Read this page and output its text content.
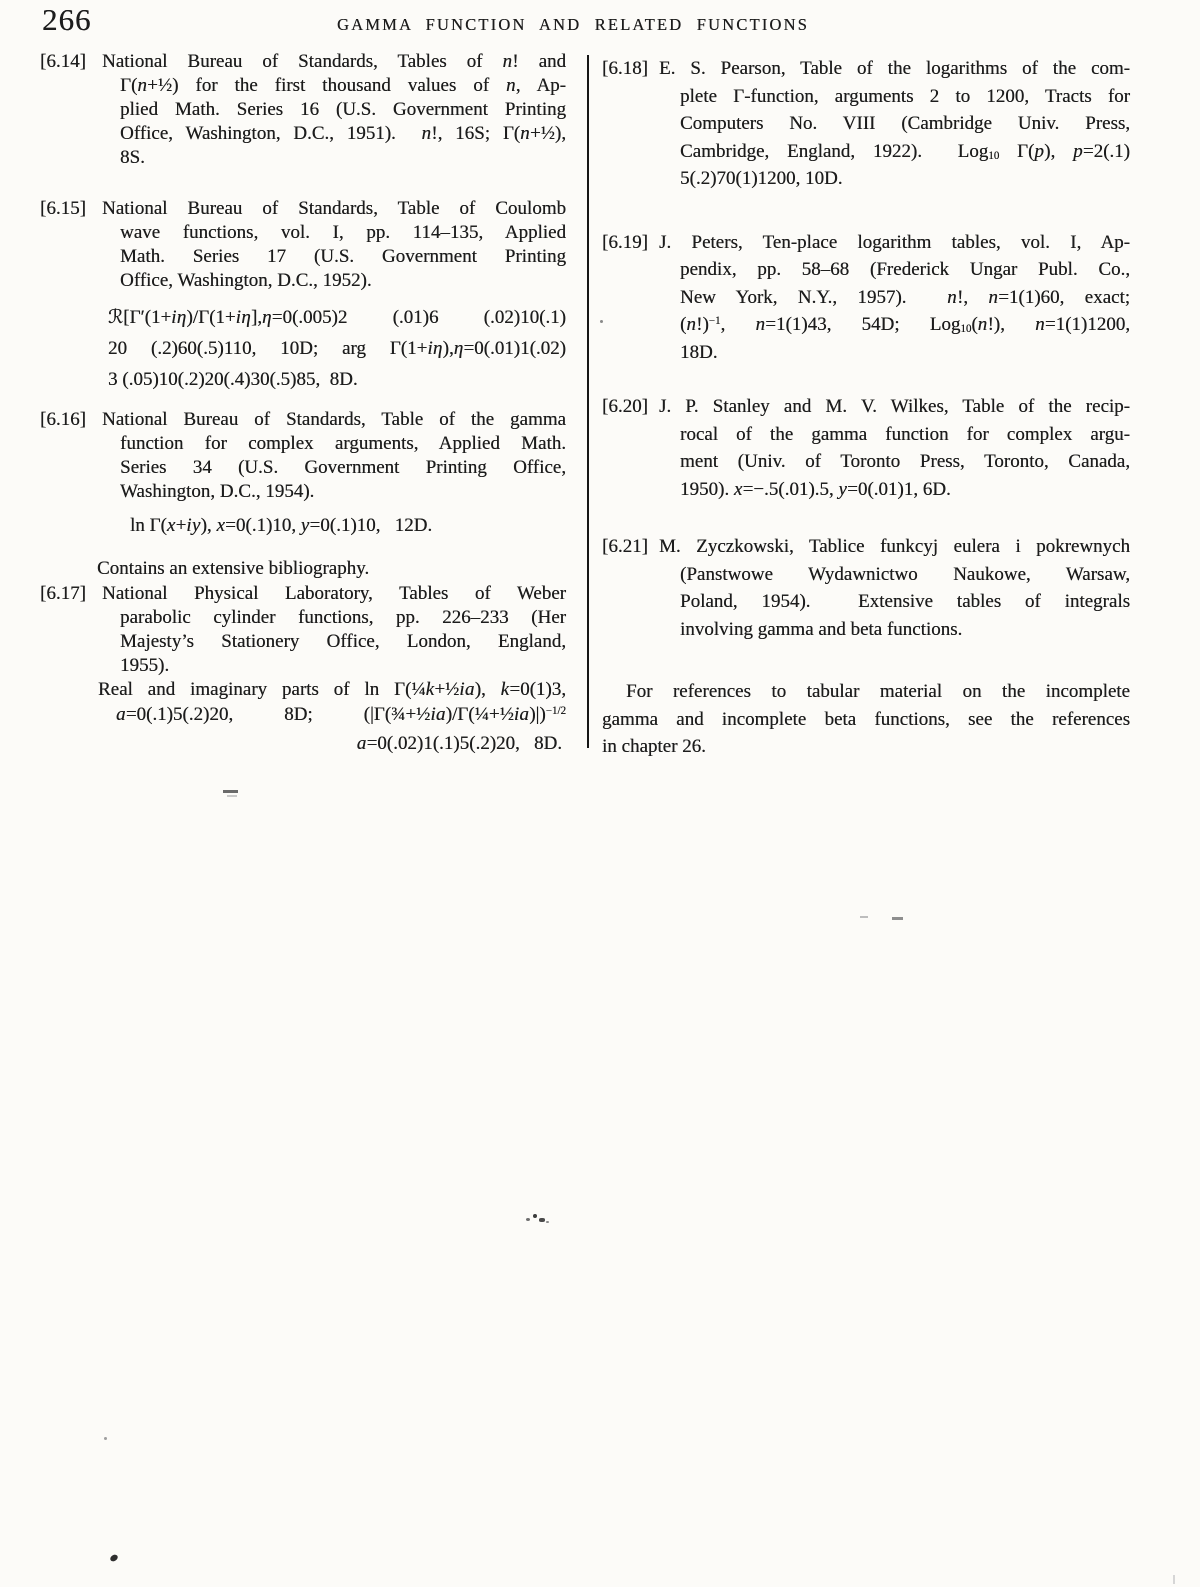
266	GAMMA FUNCTION AND RELATED FUNCTIONS

[6.14] National Bureau of Standards, Tables of n! and
Γ(n+½) for the first thousand values of n, Ap-
plied Math. Series 16 (U.S. Government Printing
Office, Washington, D.C., 1951).  n!, 16S; Γ(n+½),
8S.

[6.15] National Bureau of Standards, Table of Coulomb
wave functions, vol. I, pp. 114–135, Applied
Math. Series 17 (U.S. Government Printing
Office, Washington, D.C., 1952).

ℛ[Γ′(1+iη)/Γ(1+iη],η=0(.005)2 (.01)6 (.02)10(.1)
20 (.2)60(.5)110, 10D; arg Γ(1+iη),η=0(.01)1(.02)
3 (.05)10(.2)20(.4)30(.5)85,  8D.

[6.16] National Bureau of Standards, Table of the gamma
function for complex arguments, Applied Math.
Series 34 (U.S. Government Printing Office,
Washington, D.C., 1954).

ln Γ(x+iy), x=0(.1)10, y=0(.1)10,   12D.

Contains an extensive bibliography.

[6.17] National Physical Laboratory, Tables of Weber
parabolic cylinder functions, pp. 226–233 (Her
Majesty’s Stationery Office, London, England,
1955).

Real and imaginary parts of ln Γ(¼k+½ia), k=0(1)3,
a=0(.1)5(.2)20,  8D;  (|Γ(¾+½ia)/Γ(¼+½ia)|)$^{-1/2}$
a=0(.02)1(.1)5(.2)20,   8D.

[6.18] E. S. Pearson, Table of the logarithms of the com-
plete Γ-function, arguments 2 to 1200, Tracts for
Computers No. VIII (Cambridge Univ. Press,
Cambridge, England, 1922).  Log$_{10}$ Γ(p), p=2(.1)
5(.2)70(1)1200, 10D.

[6.19] J. Peters, Ten-place logarithm tables, vol. I, Ap-
pendix, pp. 58–68 (Frederick Ungar Publ. Co.,
New York, N.Y., 1957).  n!, n=1(1)60, exact;
$(n!)^{-1}$, n=1(1)43, 54D; Log$_{10}$(n!), n=1(1)1200,
18D.

[6.20] J. P. Stanley and M. V. Wilkes, Table of the recip-
rocal of the gamma function for complex argu-
ment (Univ. of Toronto Press, Toronto, Canada,
1950). x=−.5(.01).5, y=0(.01)1, 6D.

[6.21] M. Zyczkowski, Tablice funkcyj eulera i pokrewnych
(Panstwowe Wydawnictwo Naukowe, Warsaw,
Poland, 1954).  Extensive tables of integrals
involving gamma and beta functions.

For references to tabular material on the incomplete
gamma and incomplete beta functions, see the references
in chapter 26.
